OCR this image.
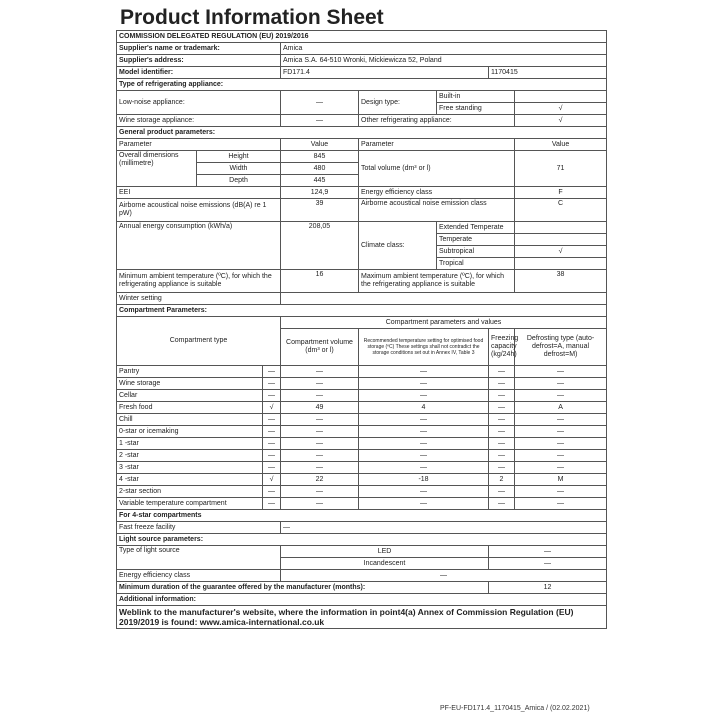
Product Information Sheet
COMMISSION DELEGATED REGULATION (EU) 2019/2016							
Supplier's name or trademark:			Amica				
Supplier's address:			Amica S.A. 64-510 Wronki, Mickiewicza 52, Poland				
Model identifier:			FD171.4			1170415	
Type of refrigerating appliance:							
Low-noise appliance:			—	Design type:	Built-in		
					Free standing		√
Wine storage appliance:			—	Other refrigerating appliance:			√
General product parameters:							
Parameter			Value	Parameter			Value
Overall dimensions (millimetre)	Height		845	Total volume (dm³ or l)			71
	Width		480				
	Depth		445				
EEI			124,9	Energy efficiency class			F
Airborne acoustical noise emissions (dB(A) re 1 pW)			39	Airborne acoustical noise emission class			C
Annual energy consumption (kWh/a)			208,05	Climate class:	Extended Temperate		
					Temperate		
					Subtropical		√
					Tropical		
Minimum ambient temperature (ºC), for which the refrigerating appliance is suitable			16	Maximum ambient temperature (ºC), for which the refrigerating appliance is suitable			38
Winter setting							
Compartment Parameters:							
Compartment type			Compartment parameters and values				
			Compartment volume (dm³ or l)	Recommended temperature setting for optimised food storage (ºC) These settings shall not contradict the storage conditions set out in Annex IV, Table 3		Freezing capacity (kg/24h)	Defrosting type (auto-defrost=A, manual defrost=M)
Pantry		—	—	—		—	—
Wine storage		—	—	—		—	—
Cellar		—	—	—		—	—
Fresh food		√	49	4		—	A
Chill		—	—	—		—	—
0-star or icemaking		—	—	—		—	—
1 -star		—	—	—		—	—
2 -star		—	—	—		—	—
3 -star		—	—	—		—	—
4 -star		√	22	-18		2	M
2-star section		—	—	—		—	—
Variable temperature compartment		—	—	—		—	—
For 4-star compartments							
Fast freeze facility			—				
Light source parameters:							
Type of light source			LED			—	
			Incandescent			—	
Energy efficiency class			—				
Minimum duration of the guarantee offered by the manufacturer (months):						12	
Additional information:							
Weblink to the manufacturer's website, where the information in point4(a) Annex of Commission Regulation (EU) 2019/2019 is found: www.amica-international.co.uk							
PF-EU-FD171.4_1170415_Amica / (02.02.2021)
